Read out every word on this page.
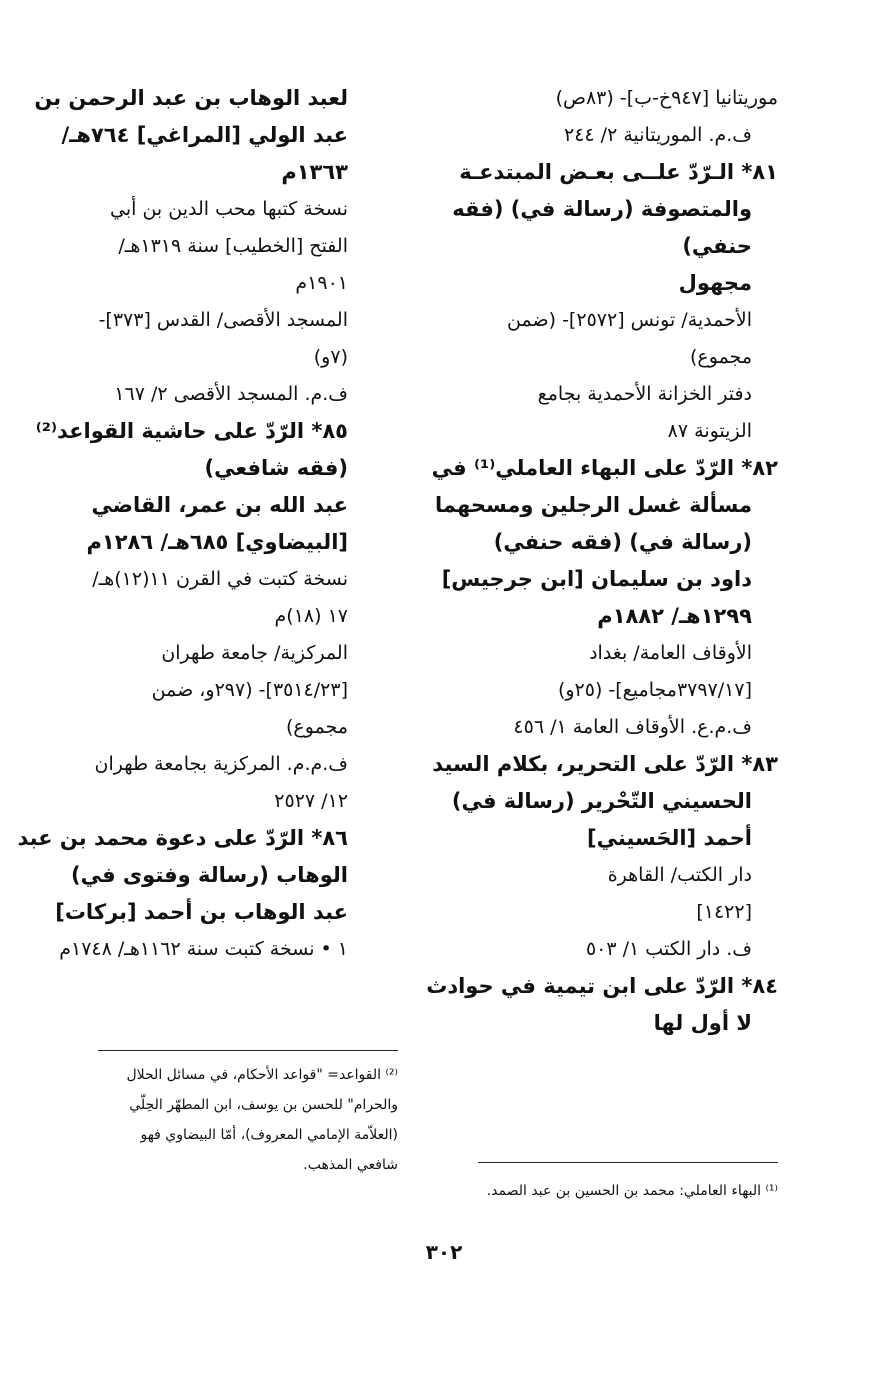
موريتانيا [٩٤٧خ-ب]- (٨٣ص)
ف.م. الموريتانية ٢/ ٢٤٤
٨١* الـرّدّ علــى بعـض المبتدعـة
والمتصوفة (رسالة في) (فقه
حنفي)
مجهول
الأحمدية/ تونس [٢٥٧٢]- (ضمن
مجموع)
دفتر الخزانة الأحمدية بجامع
الزيتونة ٨٧
٨٢* الرّدّ على البهاء العاملي⁽¹⁾ في
مسألة غسل الرجلين ومسحهما
(رسالة في) (فقه حنفي)
داود بن سليمان [ابن جرجيس]
١٢٩٩هـ/ ١٨٨٢م
الأوقاف العامة/ بغداد
[٣٧٩٧/١٧مجاميع]- (٢٥و)
ف.م.ع. الأوقاف العامة ١/ ٤٥٦
٨٣* الرّدّ على التحرير، بكلام السيد
الحسيني التّحْرير (رسالة في)
أحمد [الحَسيني]
دار الكتب/ القاهرة
[١٤٢٢]
ف. دار الكتب ١/ ٥٠٣
٨٤* الرّدّ على ابن تيمية في حوادث
لا أول لها
لعبد الوهاب بن عبد الرحمن بن
عبد الولي [المراغي] ٧٦٤هـ/
١٣٦٣م
نسخة كتبها محب الدين بن أبي
الفتح [الخطيب] سنة ١٣١٩هـ/
١٩٠١م
المسجد الأقصى/ القدس [٣٧٣]-
(٧و)
ف.م. المسجد الأقصى ٢/ ١٦٧
٨٥* الرّدّ على حاشية القواعد⁽²⁾
(فقه شافعي)
عبد الله بن عمر، القاضي
[البيضاوي] ٦٨٥هـ/ ١٢٨٦م
نسخة كتبت في القرن ١١(١٢)هـ/
١٧ (١٨)م
المركزية/ جامعة طهران
[٣٥١٤/٢٣]- (٢٩٧و، ضمن
مجموع)
ف.م.م. المركزية بجامعة طهران
١٢/ ٢٥٢٧
٨٦* الرّدّ على دعوة محمد بن عبد
الوهاب (رسالة وفتوى في)
عبد الوهاب بن أحمد [بركات]
١ • نسخة كتبت سنة ١١٦٢هـ/ ١٧٤٨م
⁽¹⁾ البهاء العاملي: محمد بن الحسين بن عبد الصمد.
⁽²⁾ القواعد= "قواعد الأحكام، في مسائل الحلال
والحرام" للحسن بن يوسف، ابن المطهّر الحِلّي
(العلاّمة الإمامي المعروف)، أمّا البيضاوي فهو
شافعي المذهب.
٣٠٢
